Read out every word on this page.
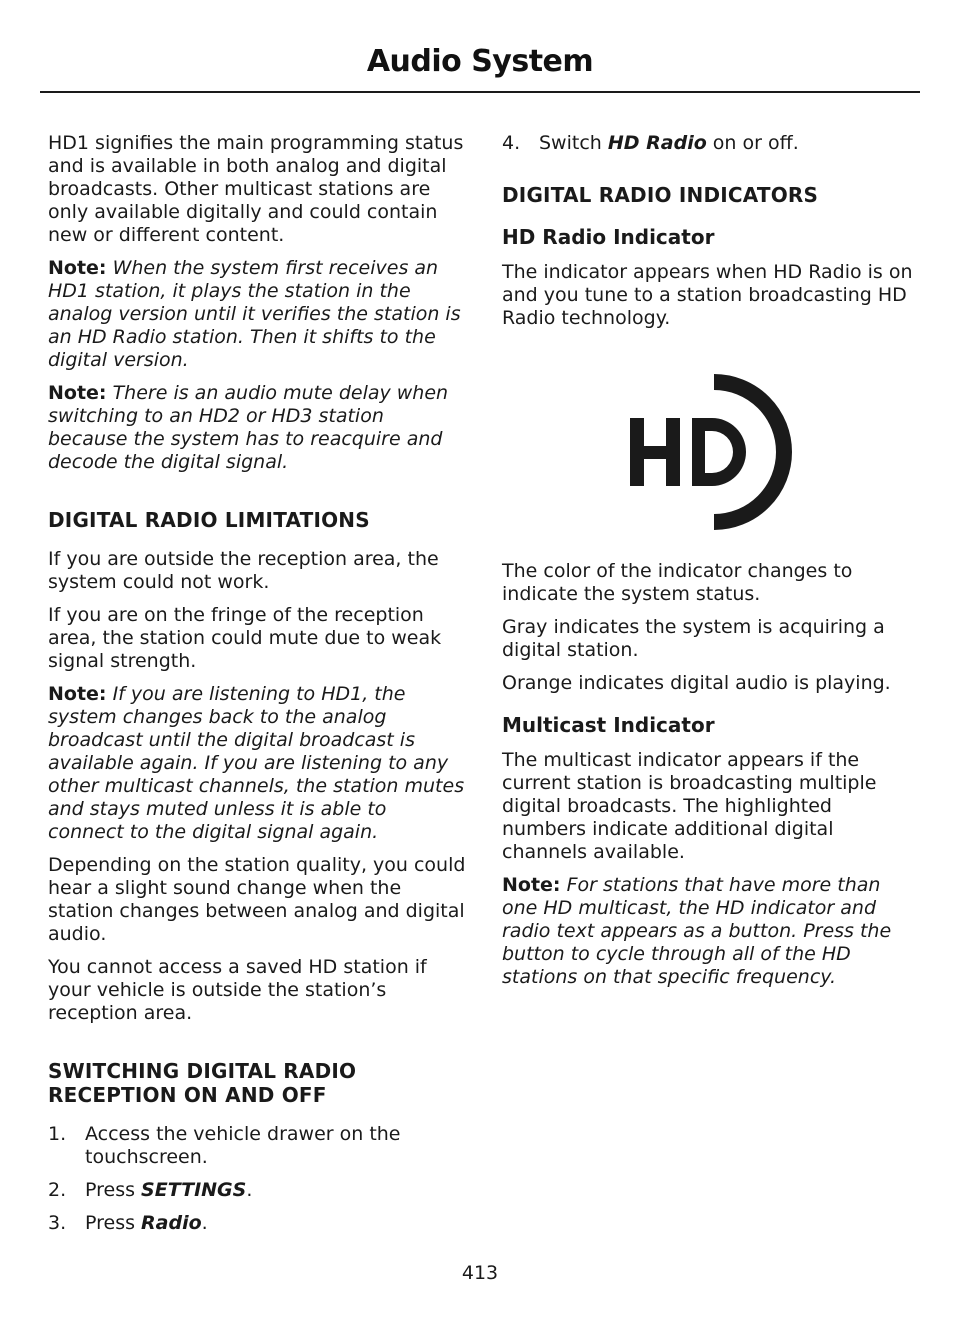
Audio System

HD1 signifies the main programming status and is available in both analog and digital broadcasts. Other multicast stations are only available digitally and could contain new or different content.

Note: When the system first receives an HD1 station, it plays the station in the analog version until it verifies the station is an HD Radio station. Then it shifts to the digital version.

Note: There is an audio mute delay when switching to an HD2 or HD3 station because the system has to reacquire and decode the digital signal.

DIGITAL RADIO LIMITATIONS

If you are outside the reception area, the system could not work.

If you are on the fringe of the reception area, the station could mute due to weak signal strength.

Note: If you are listening to HD1, the system changes back to the analog broadcast until the digital broadcast is available again. If you are listening to any other multicast channels, the station mutes and stays muted unless it is able to connect to the digital signal again.

Depending on the station quality, you could hear a slight sound change when the station changes between analog and digital audio.

You cannot access a saved HD station if your vehicle is outside the station’s reception area.

SWITCHING DIGITAL RADIO RECEPTION ON AND OFF
1. Access the vehicle drawer on the touchscreen.
2. Press SETTINGS.
3. Press Radio.
4. Switch HD Radio on or off.
DIGITAL RADIO INDICATORS
HD Radio Indicator

The indicator appears when HD Radio is on and you tune to a station broadcasting HD Radio technology.

The color of the indicator changes to indicate the system status.

Gray indicates the system is acquiring a digital station.

Orange indicates digital audio is playing.

Multicast Indicator

The multicast indicator appears if the current station is broadcasting multiple digital broadcasts. The highlighted numbers indicate additional digital channels available.

Note: For stations that have more than one HD multicast, the HD indicator and radio text appears as a button. Press the button to cycle through all of the HD stations on that specific frequency.

413
